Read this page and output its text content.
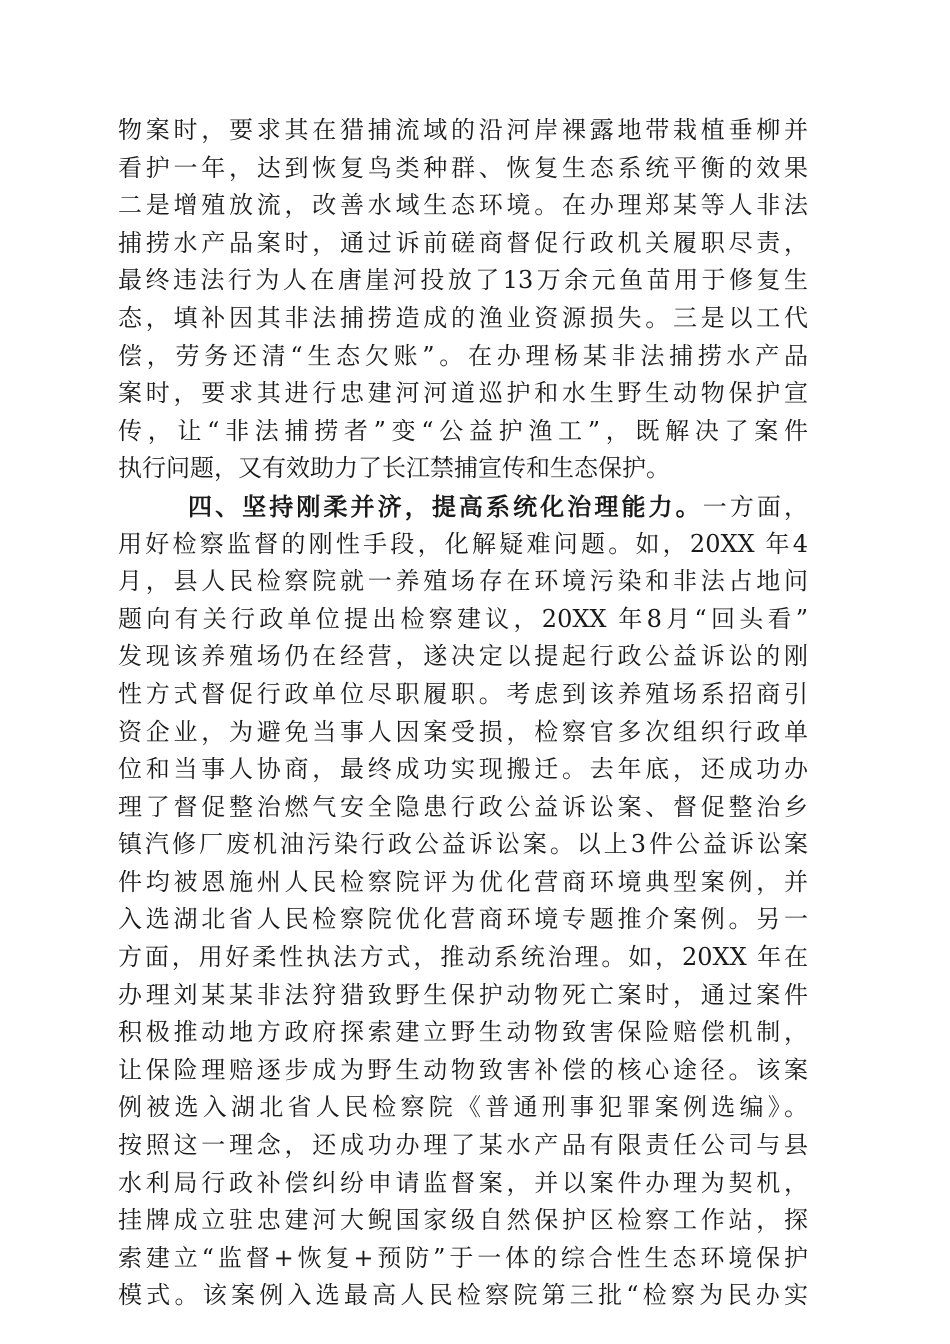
物案时，要求其在猎捕流域的沿河岸裸露地带栽植垂柳并
看护一年，达到恢复鸟类种群、恢复生态系统平衡的效果
二是增殖放流，改善水域生态环境。在办理郑某等人非法
捕捞水产品案时，通过诉前磋商督促行政机关履职尽责，
最终违法行为人在唐崖河投放了13万余元鱼苗用于修复生
态，填补因其非法捕捞造成的渔业资源损失。三是以工代
偿，劳务还清“生态欠账”。在办理杨某非法捕捞水产品
案时，要求其进行忠建河河道巡护和水生野生动物保护宣
传，让“非法捕捞者”变“公益护渔工”，既解决了案件
执行问题，又有效助力了长江禁捕宣传和生态保护。
四、坚持刚柔并济，提高系统化治理能力。一方面，
用好检察监督的刚性手段，化解疑难问题。如，20XX 年4
月，县人民检察院就一养殖场存在环境污染和非法占地问
题向有关行政单位提出检察建议，20XX 年8月“回头看”
发现该养殖场仍在经营，遂决定以提起行政公益诉讼的刚
性方式督促行政单位尽职履职。考虑到该养殖场系招商引
资企业，为避免当事人因案受损，检察官多次组织行政单
位和当事人协商，最终成功实现搬迁。去年底，还成功办
理了督促整治燃气安全隐患行政公益诉讼案、督促整治乡
镇汽修厂废机油污染行政公益诉讼案。以上3件公益诉讼案
件均被恩施州人民检察院评为优化营商环境典型案例，并
入选湖北省人民检察院优化营商环境专题推介案例。另一
方面，用好柔性执法方式，推动系统治理。如，20XX 年在
办理刘某某非法狩猎致野生保护动物死亡案时，通过案件
积极推动地方政府探索建立野生动物致害保险赔偿机制，
让保险理赔逐步成为野生动物致害补偿的核心途径。该案
例被选入湖北省人民检察院《普通刑事犯罪案例选编》。
按照这一理念，还成功办理了某水产品有限责任公司与县
水利局行政补偿纠纷申请监督案，并以案件办理为契机，
挂牌成立驻忠建河大鲵国家级自然保护区检察工作站，探
索建立“监督+恢复+预防”于一体的综合性生态环境保护
模式。该案例入选最高人民检察院第三批“检察为民办实
